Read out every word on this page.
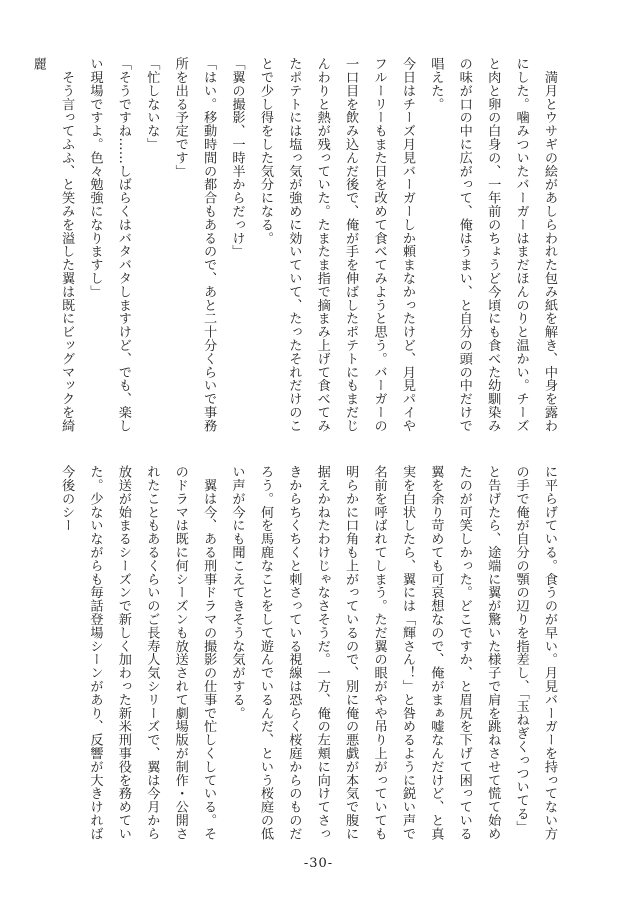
　満月とウサギの絵があしらわれた包み紙を解き、中身を露わにした。噛みついたバーガーはまだほんのりと温かい。チーズと肉と卵の白身の、一年前のちょうど今頃にも食べた幼馴染みの味が口の中に広がって、俺はうまい、と自分の頭の中だけで唱えた。

今日はチーズ月見バーガーしか頼まなかったけど、月見パイやフルーリーもまた日を改めて食べてみようと思う。バーガーの一口目を飲み込んだ後で、俺が手を伸ばしたポテトにもまだじんわりと熱が残っていた。たまたま指で摘まみ上げて食べてみたポテトには塩っ気が強めに効いていて、たったそれだけのことで少し得をした気分になる。

「翼の撮影、一時半からだっけ」

「はい。移動時間の都合もあるので、あと二十分くらいで事務所を出る予定です」

「忙しないな」

「そうですね……しばらくはバタバタしますけど、でも、楽しい現場ですよ。色々勉強になりますし」

　そう言ってふふ、と笑みを溢した翼は既にビッグマックを綺麗

に平らげている。食うのが早い。月見バーガーを持ってない方の手で俺が自分の顎の辺りを指差し、「玉ねぎくっついてる」と告げたら、途端に翼が驚いた様子で肩を跳ねさせて慌て始めたのが可笑しかった。どこですか、と眉尻を下げて困っている翼を余り苛めても可哀想なので、俺がまぁ嘘なんだけど、と真実を白状したら、翼には「輝さん！」と咎めるように鋭い声で名前を呼ばれてしまう。ただ翼の眼がやや吊り上がっていても明らかに口角も上がっているので、別に俺の悪戯が本気で腹に据えかねたわけじゃなさそうだ。一方、俺の左頬に向けてさっきからちくちくと刺さっている視線は恐らく桜庭からのものだろう。何を馬鹿なことをして遊んでいるんだ、という桜庭の低い声が今にも聞こえてきそうな気がする。

　翼は今、ある刑事ドラマの撮影の仕事で忙しくしている。そのドラマは既に何シーズンも放送されて劇場版が制作・公開されたこともあるくらいのご長寿人気シリーズで、翼は今月から放送が始まるシーズンで新しく加わった新米刑事役を務めていた。少ないながらも毎話登場シーンがあり、反響が大きければ今後のシー

-30-
